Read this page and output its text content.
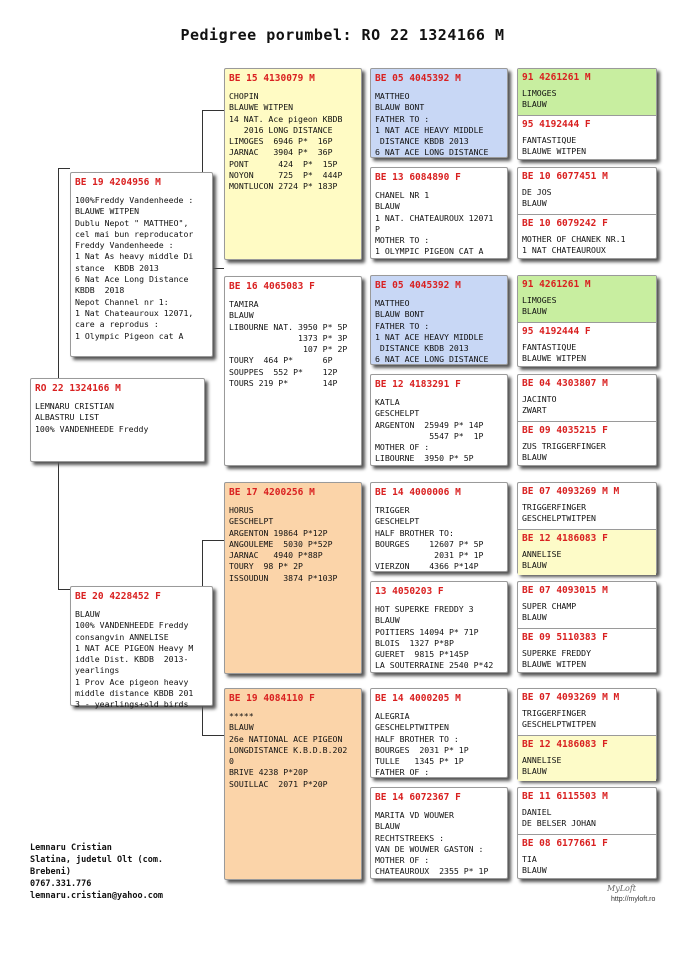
Pedigree porumbel: RO 22 1324166 M
RO 22 1324166 M
LEMNARU CRISTIAN
ALBASTRU LIST
100% VANDENHEEDE Freddy
BE 19 4204956 M
100%Freddy Vandenheede :
BLAUWE WITPEN
Dublu Nepot " MATTHEO",
cel mai bun reproducator
Freddy Vandenheede :
1 Nat As heavy middle Di
stance  KBDB 2013
6 Nat Ace Long Distance
KBDB  2018
Nepot Channel nr 1:
1 Nat Chateauroux 12071,
care a reprodus :
1 Olympic Pigeon cat A
BE 20 4228452 F
BLAUW
100% VANDENHEEDE Freddy
consangvin ANNELISE
1 NAT ACE PIGEON Heavy M
iddle Dist. KBDB  2013-
yearlings
1 Prov Ace pigeon heavy
middle distance KBDB 201
3 - yearlings+old birds
BE 15 4130079 M
CHOPIN
BLAUWE WITPEN
14 NAT. Ace pigeon KBDB
2016 LONG DISTANCE
LIMOGES  6946 P*  16P
JARNAC   3904 P*  36P
PONT      424  P*  15P
NOYON     725  P*  444P
MONTLUCON 2724 P* 183P
BE 16 4065083 F
TAMIRA
BLAUW
LIBOURNE NAT. 3950 P* 5P
1373 P* 3P
107 P* 2P
TOURY  464 P*      6P
SOUPPES  552 P*    12P
TOURS 219 P*       14P
BE 17 4200256 M
HORUS
GESCHELPT
ARGENTON 19864 P*12P
ANGOULEME  5030 P*52P
JARNAC   4940 P*88P
TOURY  98 P* 2P
ISSOUDUN   3874 P*103P
BE 19 4084110 F
*****
BLAUW
26e NATIONAL ACE PIGEON
LONGDISTANCE K.B.D.B.202
0
BRIVE 4238 P*20P
SOUILLAC  2071 P*20P
BE 05 4045392 M
MATTHEO
BLAUW BONT
FATHER TO :
1 NAT ACE HEAVY MIDDLE
DISTANCE KBDB 2013
6 NAT ACE LONG DISTANCE
BE 13 6084890 F
CHANEL NR 1
BLAUW
1 NAT. CHATEAUROUX 12071
P
MOTHER TO :
1 OLYMPIC PIGEON CAT A
BE 05 4045392 M
MATTHEO
BLAUW BONT
FATHER TO :
1 NAT ACE HEAVY MIDDLE
DISTANCE KBDB 2013
6 NAT ACE LONG DISTANCE
BE 12 4183291 F
KATLA
GESCHELPT
ARGENTON  25949 P* 14P
5547 P*  1P
MOTHER OF :
LIBOURNE  3950 P* 5P
BE 14 4000006 M
TRIGGER
GESCHELPT
HALF BROTHER TO:
BOURGES    12607 P* 5P
2031 P* 1P
VIERZON    4366 P*14P
13 4050203 F
HOT SUPERKE FREDDY 3
BLAUW
POITIERS 14094 P* 71P
BLOIS  1327 P*8P
GUERET  9815 P*145P
LA SOUTERRAINE 2540 P*42
BE 14 4000205 M
ALEGRIA
GESCHELPTWITPEN
HALF BROTHER TO :
BOURGES  2031 P* 1P
TULLE   1345 P* 1P
FATHER OF :
BE 14 6072367 F
MARITA VD WOUWER
BLAUW
RECHTSTREEKS :
VAN DE WOUWER GASTON :
MOTHER OF :
CHATEAUROUX  2355 P* 1P
91 4261261 M
LIMOGES
BLAUW
95 4192444 F
FANTASTIQUE
BLAUWE WITPEN
BE 10 6077451 M
DE JOS
BLAUW
BE 10 6079242 F
MOTHER OF CHANEK NR.1
1 NAT CHATEAUROUX
91 4261261 M
LIMOGES
BLAUW
95 4192444 F
FANTASTIQUE
BLAUWE WITPEN
BE 04 4303807 M
JACINTO
ZWART
BE 09 4035215 F
ZUS TRIGGERFINGER
BLAUW
BE 07 4093269 M M
TRIGGERFINGER
GESCHELPTWITPEN
BE 12 4186083 F
ANNELISE
BLAUW
BE 07 4093015 M
SUPER CHAMP
BLAUW
BE 09 5110383 F
SUPERKE FREDDY
BLAUWE WITPEN
BE 07 4093269 M M
TRIGGERFINGER
GESCHELPTWITPEN
BE 12 4186083 F
ANNELISE
BLAUW
BE 11 6115503 M
DANIEL
DE BELSER JOHAN
BE 08 6177661 F
TIA
BLAUW
Lemnaru Cristian
Slatina, judetul Olt (com.
Brebeni)
0767.331.776
lemnaru.cristian@yahoo.com
MyLoft
http://myloft.ro
